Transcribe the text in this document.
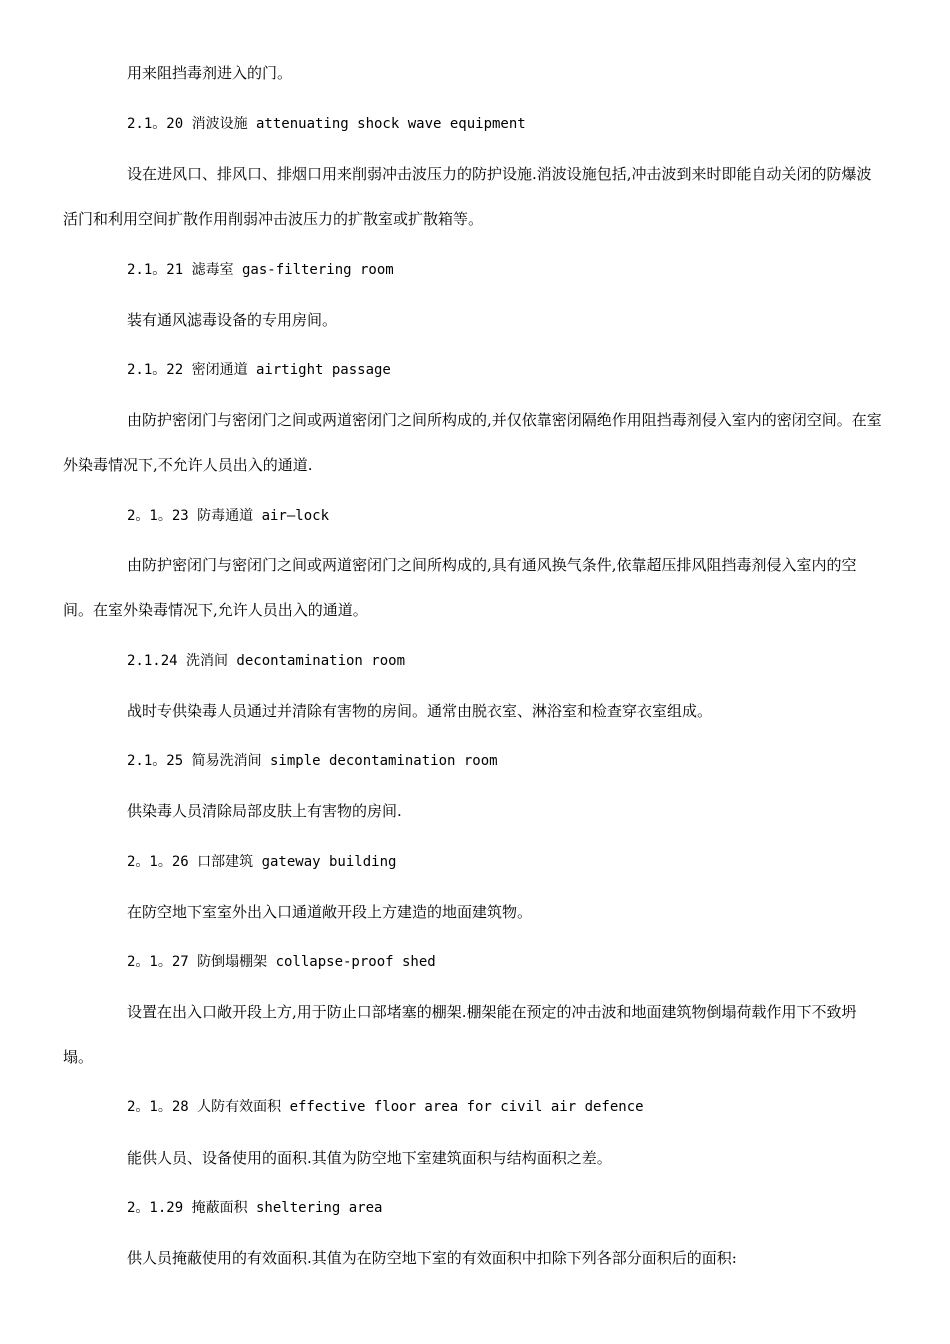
用来阻挡毒剂进入的门。

2.1。20 消波设施 attenuating shock wave equipment

设在进风口、排风口、排烟口用来削弱冲击波压力的防护设施.消波设施包括,冲击波到来时即能自动关闭的防爆波活门和利用空间扩散作用削弱冲击波压力的扩散室或扩散箱等。

2.1。21 滤毒室 gas-filtering room

装有通风滤毒设备的专用房间。

2.1。22 密闭通道 airtight passage

由防护密闭门与密闭门之间或两道密闭门之间所构成的,并仅依靠密闭隔绝作用阻挡毒剂侵入室内的密闭空间。在室外染毒情况下,不允许人员出入的通道.

2。1。23 防毒通道 air—lock

由防护密闭门与密闭门之间或两道密闭门之间所构成的,具有通风换气条件,依靠超压排风阻挡毒剂侵入室内的空间。在室外染毒情况下,允许人员出入的通道。

2.1.24 洗消间 decontamination room

战时专供染毒人员通过并清除有害物的房间。通常由脱衣室、淋浴室和检查穿衣室组成。

2.1。25 简易洗消间 simple decontamination room

供染毒人员清除局部皮肤上有害物的房间.

2。1。26 口部建筑 gateway building

在防空地下室室外出入口通道敞开段上方建造的地面建筑物。

2。1。27 防倒塌棚架 collapse-proof shed

设置在出入口敞开段上方,用于防止口部堵塞的棚架.棚架能在预定的冲击波和地面建筑物倒塌荷载作用下不致坍塌。

2。1。28 人防有效面积 effective floor area for civil air defence

能供人员、设备使用的面积.其值为防空地下室建筑面积与结构面积之差。

2。1.29 掩蔽面积 sheltering area

供人员掩蔽使用的有效面积.其值为在防空地下室的有效面积中扣除下列各部分面积后的面积:
